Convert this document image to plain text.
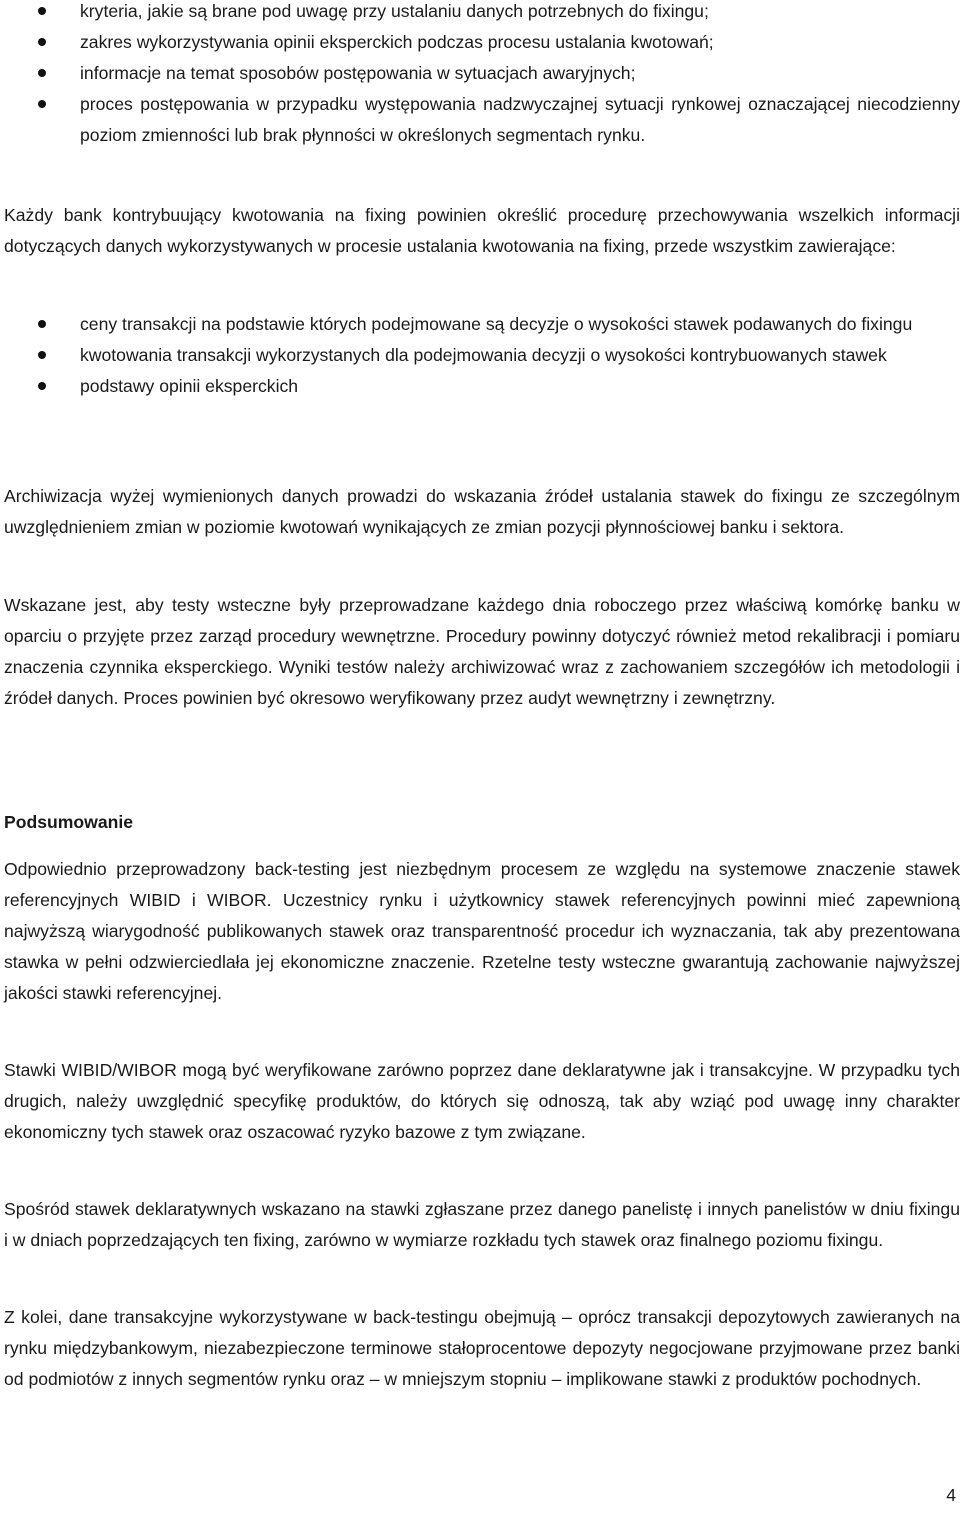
kryteria, jakie są brane pod uwagę przy ustalaniu danych potrzebnych do fixingu;
zakres wykorzystywania opinii eksperckich podczas procesu ustalania kwotowań;
informacje na temat sposobów postępowania w sytuacjach awaryjnych;
proces postępowania w przypadku występowania nadzwyczajnej sytuacji rynkowej oznaczającej niecodzienny poziom zmienności lub brak płynności w określonych segmentach rynku.

Każdy bank kontrybuujący kwotowania na fixing powinien określić procedurę przechowywania wszelkich informacji dotyczących danych wykorzystywanych w procesie ustalania kwotowania na fixing, przede wszystkim zawierające:

ceny transakcji na podstawie których podejmowane są decyzje o wysokości stawek podawanych do fixingu
kwotowania transakcji wykorzystanych dla podejmowania decyzji o wysokości kontrybuowanych stawek
podstawy opinii eksperckich

Archiwizacja wyżej wymienionych danych prowadzi do wskazania źródeł ustalania stawek do fixingu ze szczególnym uwzględnieniem zmian w poziomie kwotowań wynikających ze zmian pozycji płynnościowej banku i sektora.

Wskazane jest, aby testy wsteczne były przeprowadzane każdego dnia roboczego przez właściwą komórkę banku w oparciu o przyjęte przez zarząd procedury wewnętrzne. Procedury powinny dotyczyć również metod rekalibracji i pomiaru znaczenia czynnika eksperckiego. Wyniki testów należy archiwizować wraz z zachowaniem szczegółów ich metodologii i źródeł danych. Proces powinien być okresowo weryfikowany przez audyt wewnętrzny i zewnętrzny.

Podsumowanie

Odpowiednio przeprowadzony back-testing jest niezbędnym procesem ze względu na systemowe znaczenie stawek referencyjnych WIBID i WIBOR. Uczestnicy rynku i użytkownicy stawek referencyjnych powinni mieć zapewnioną najwyższą wiarygodność publikowanych stawek oraz transparentność procedur ich wyznaczania, tak aby prezentowana stawka w pełni odzwierciedlała jej ekonomiczne znaczenie. Rzetelne testy wsteczne gwarantują zachowanie najwyższej jakości stawki referencyjnej.

Stawki WIBID/WIBOR mogą być weryfikowane zarówno poprzez dane deklaratywne jak i transakcyjne. W przypadku tych drugich, należy uwzględnić specyfikę produktów, do których się odnoszą, tak aby wziąć pod uwagę inny charakter ekonomiczny tych stawek oraz oszacować ryzyko bazowe z tym związane.

Spośród stawek deklaratywnych wskazano na stawki zgłaszane przez danego panelistę i innych panelistów w dniu fixingu i w dniach poprzedzających ten fixing, zarówno w wymiarze rozkładu tych stawek oraz finalnego poziomu fixingu.

Z kolei, dane transakcyjne wykorzystywane w back-testingu obejmują – oprócz transakcji depozytowych zawieranych na rynku międzybankowym, niezabezpieczone terminowe stałoprocentowe depozyty negocjowane przyjmowane przez banki od podmiotów z innych segmentów rynku oraz – w mniejszym stopniu – implikowane stawki z produktów pochodnych.

4
